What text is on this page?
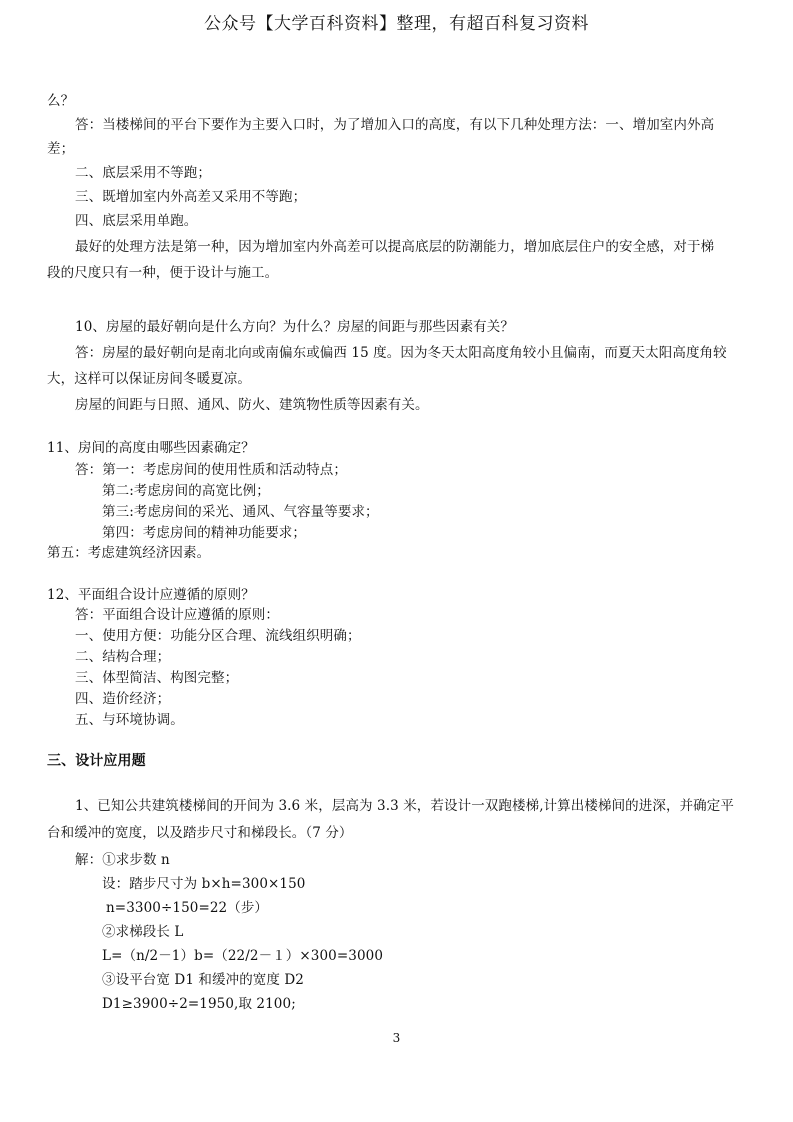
公众号【大学百科资料】整理，有超百科复习资料
么？
答：当楼梯间的平台下要作为主要入口时，为了增加入口的高度，有以下几种处理方法：一、增加室内外高
差；
二、底层采用不等跑；
三、既增加室内外高差又采用不等跑；
四、底层采用单跑。
最好的处理方法是第一种，因为增加室内外高差可以提高底层的防潮能力，增加底层住户的安全感，对于梯
段的尺度只有一种，便于设计与施工。
10、房屋的最好朝向是什么方向？为什么？房屋的间距与那些因素有关？
答：房屋的最好朝向是南北向或南偏东或偏西 15 度。因为冬天太阳高度角较小且偏南，而夏天太阳高度角较
大，这样可以保证房间冬暖夏凉。
房屋的间距与日照、通风、防火、建筑物性质等因素有关。
11、房间的高度由哪些因素确定？
答：第一：考虑房间的使用性质和活动特点；
第二:考虑房间的高宽比例；
第三:考虑房间的采光、通风、气容量等要求；
第四：考虑房间的精神功能要求；
第五：考虑建筑经济因素。
12、平面组合设计应遵循的原则？
答：平面组合设计应遵循的原则：
一、使用方便：功能分区合理、流线组织明确；
二、结构合理；
三、体型简洁、构图完整；
四、造价经济；
五、与环境协调。
三、设计应用题
1、已知公共建筑楼梯间的开间为 3.6 米，层高为 3.3 米，若设计一双跑楼梯,计算出楼梯间的进深，并确定平
台和缓冲的宽度，以及踏步尺寸和梯段长。（7 分）
解：①求步数 n
设：踏步尺寸为 b×h=300×150
n=3300÷150=22（步）
②求梯段长 L
L=（n/2－1）b=（22/2－１）×300=3000
③设平台宽 D1 和缓冲的宽度 D2
D1≥3900÷2=1950,取 2100;
3
